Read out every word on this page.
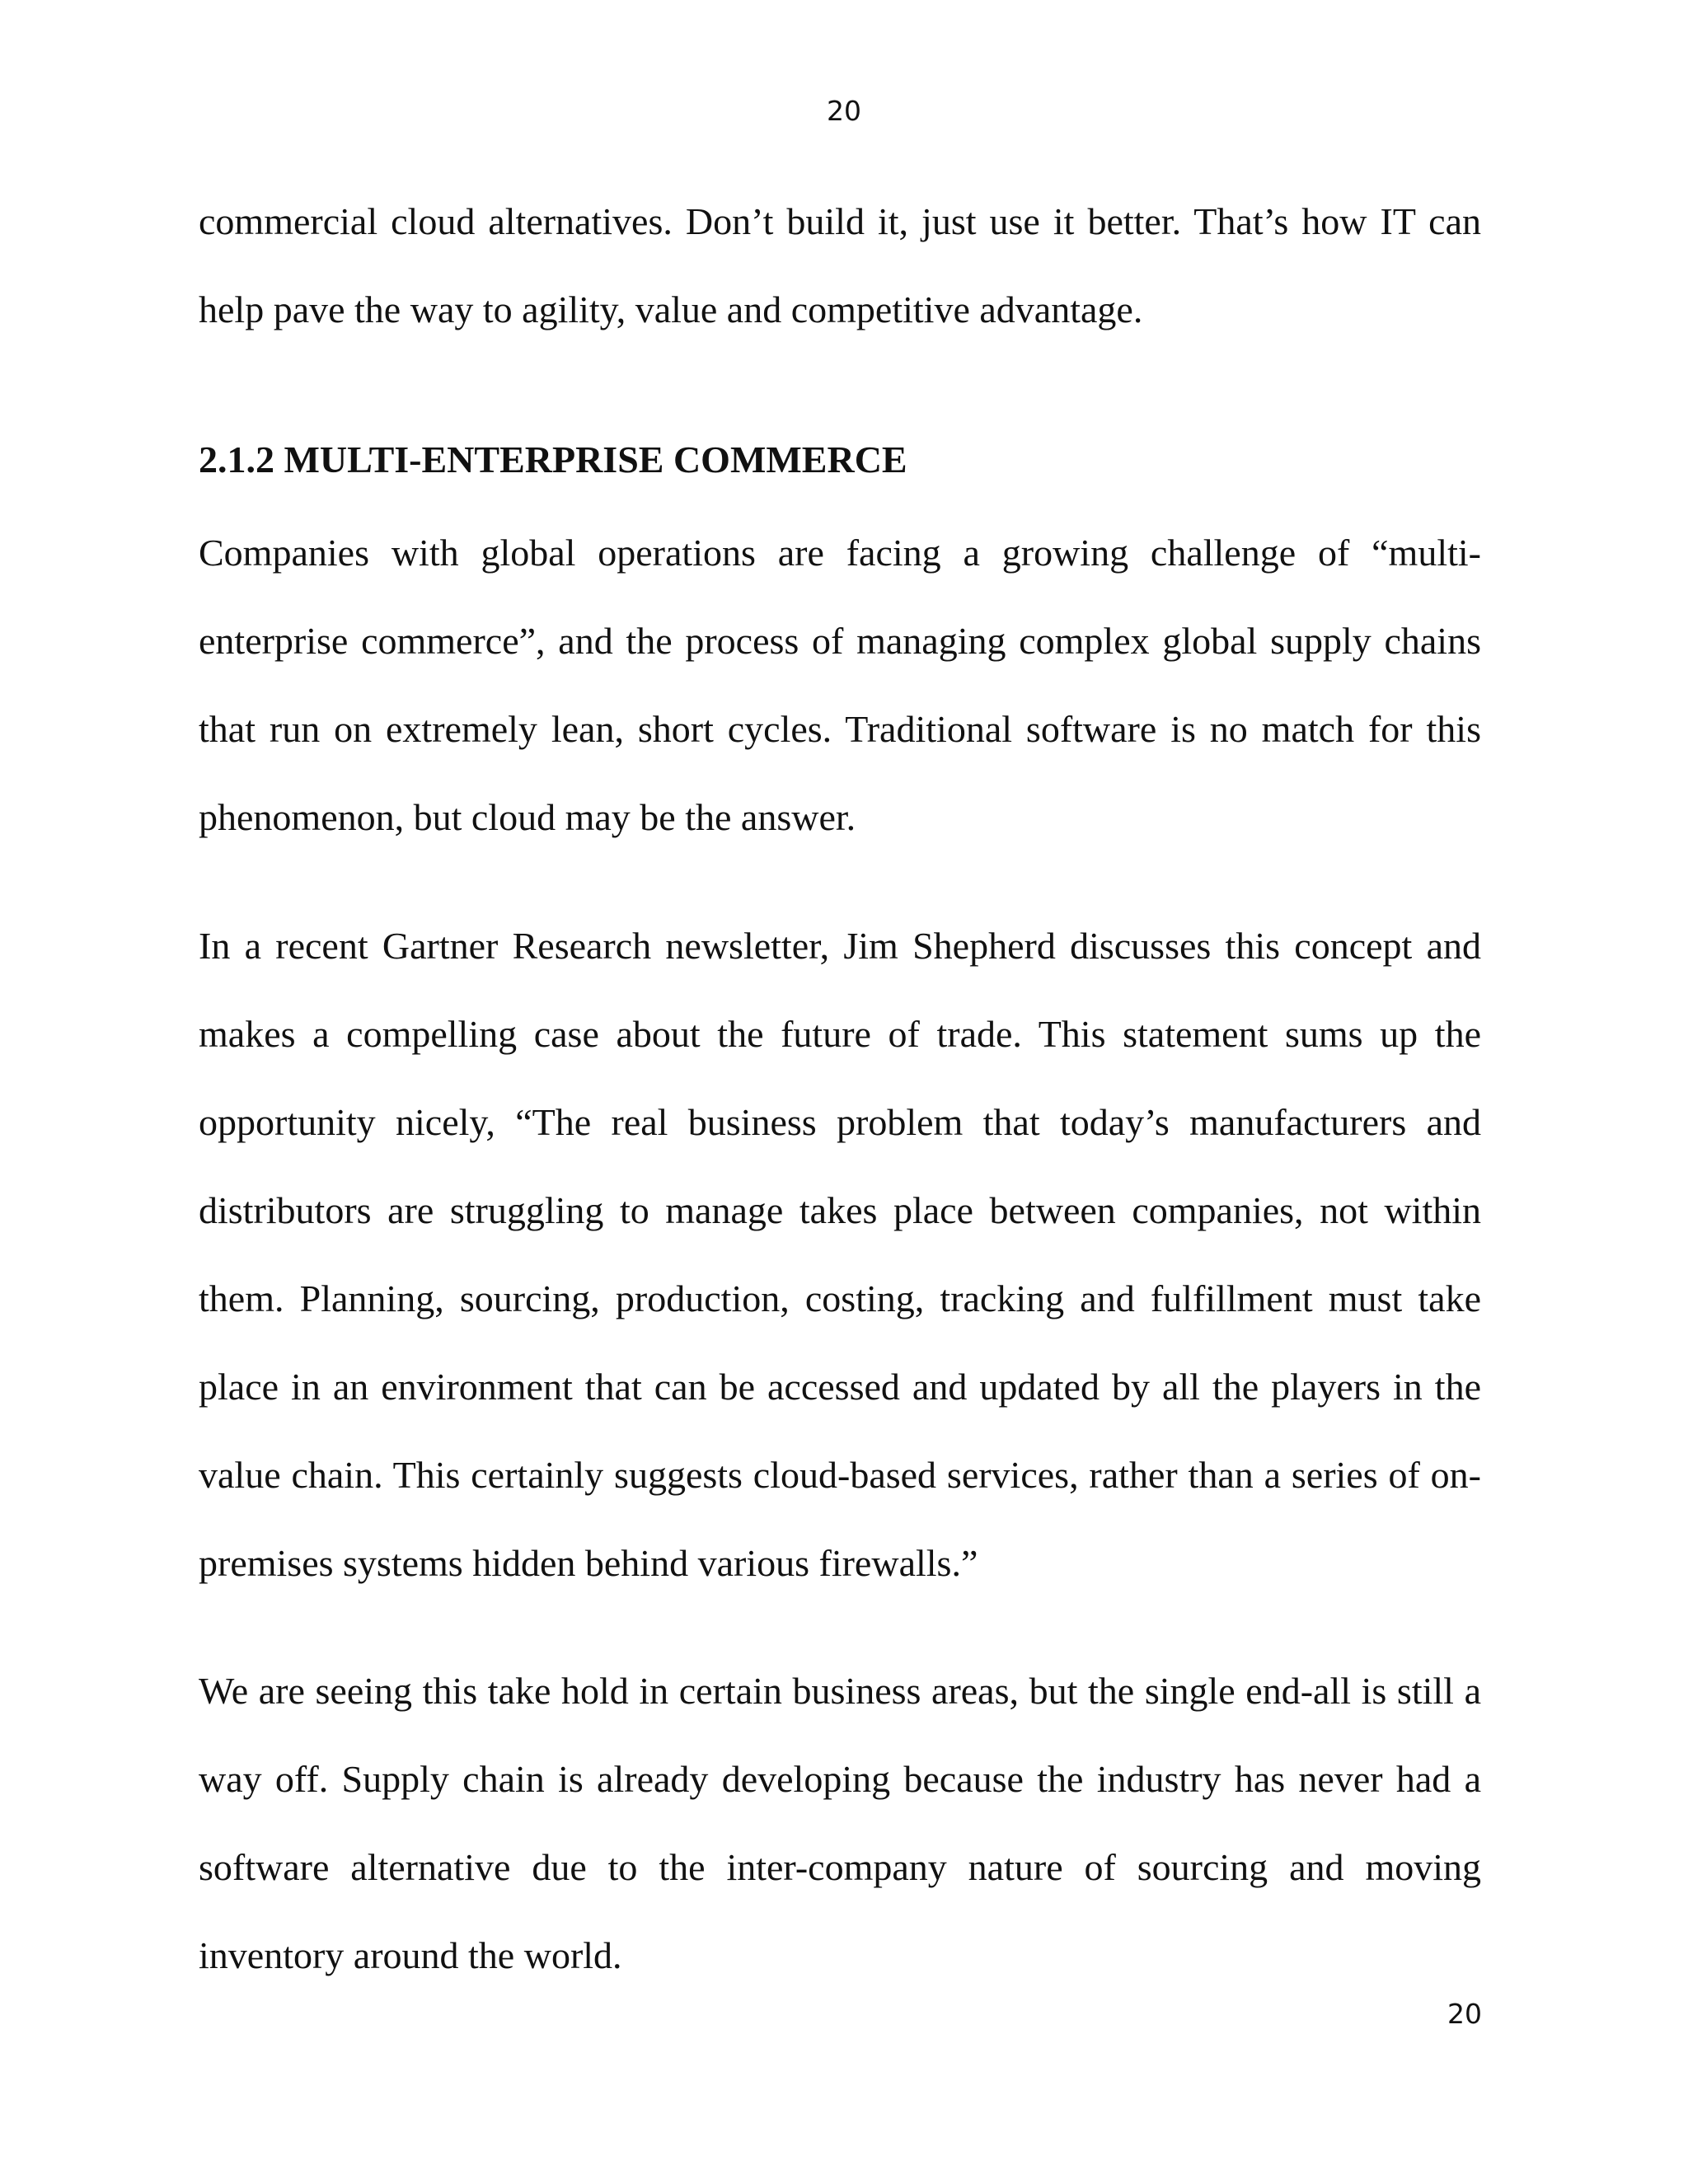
20

commercial cloud alternatives. Don’t build it, just use it better. That’s how IT can help pave the way to agility, value and competitive advantage.

2.1.2 MULTI-ENTERPRISE COMMERCE

Companies with global operations are facing a growing challenge of “multi-enterprise commerce”, and the process of managing complex global supply chains that run on extremely lean, short cycles. Traditional software is no match for this phenomenon, but cloud may be the answer.

In a recent Gartner Research newsletter, Jim Shepherd discusses this concept and makes a compelling case about the future of trade. This statement sums up the opportunity nicely, “The real business problem that today’s manufacturers and distributors are struggling to manage takes place between companies, not within them. Planning, sourcing, production, costing, tracking and fulfillment must take place in an environment that can be accessed and updated by all the players in the value chain. This certainly suggests cloud-based services, rather than a series of on-premises systems hidden behind various firewalls.”

We are seeing this take hold in certain business areas, but the single end-all is still a way off. Supply chain is already developing because the industry has never had a software alternative due to the inter-company nature of sourcing and moving inventory around the world.

20
